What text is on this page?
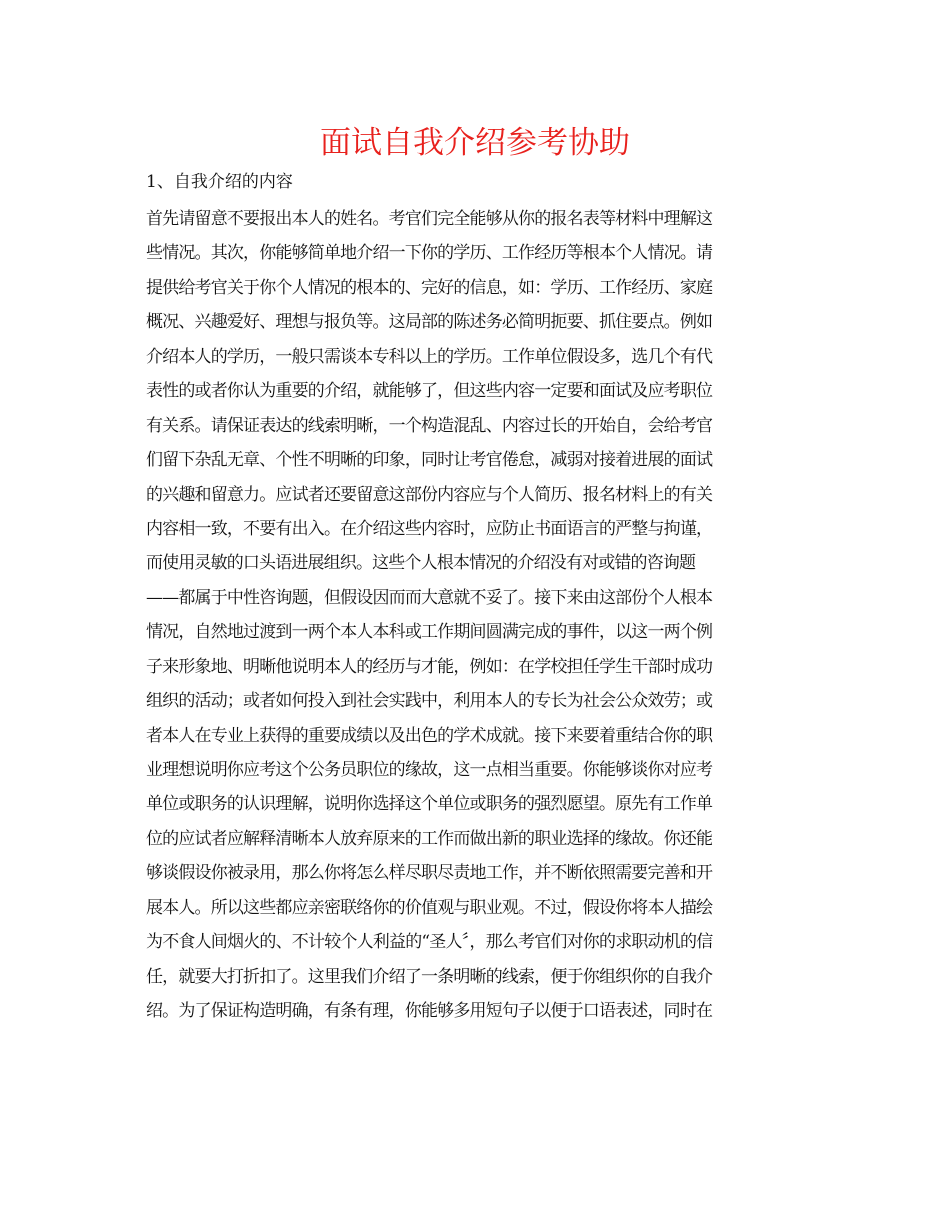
面试自我介绍参考协助

1、自我介绍的内容

首先请留意不要报出本人的姓名。考官们完全能够从你的报名表等材料中理解这
些情况。其次，你能够简单地介绍一下你的学历、工作经历等根本个人情况。请
提供给考官关于你个人情况的根本的、完好的信息，如：学历、工作经历、家庭
概况、兴趣爱好、理想与报负等。这局部的陈述务必简明扼要、抓住要点。例如
介绍本人的学历，一般只需谈本专科以上的学历。工作单位假设多，选几个有代
表性的或者你认为重要的介绍，就能够了，但这些内容一定要和面试及应考职位
有关系。请保证表达的线索明晰，一个构造混乱、内容过长的开始自，会给考官
们留下杂乱无章、个性不明晰的印象，同时让考官倦怠，减弱对接着进展的面试
的兴趣和留意力。应试者还要留意这部份内容应与个人简历、报名材料上的有关
内容相一致，不要有出入。在介绍这些内容时，应防止书面语言的严整与拘谨，
而使用灵敏的口头语进展组织。这些个人根本情况的介绍没有对或错的咨询题
——都属于中性咨询题，但假设因而而大意就不妥了。接下来由这部份个人根本
情况，自然地过渡到一两个本人本科或工作期间圆满完成的事件，以这一两个例
子来形象地、明晰他说明本人的经历与才能，例如：在学校担任学生干部时成功
组织的活动；或者如何投入到社会实践中，利用本人的专长为社会公众效劳；或
者本人在专业上获得的重要成绩以及出色的学术成就。接下来要着重结合你的职
业理想说明你应考这个公务员职位的缘故，这一点相当重要。你能够谈你对应考
单位或职务的认识理解，说明你选择这个单位或职务的强烈愿望。原先有工作单
位的应试者应解释清晰本人放弃原来的工作而做出新的职业选择的缘故。你还能
够谈假设你被录用，那么你将怎么样尽职尽责地工作，并不断依照需要完善和开
展本人。所以这些都应亲密联络你的价值观与职业观。不过，假设你将本人描绘
为不食人间烟火的、不计较个人利益的“圣人〞，那么考官们对你的求职动机的信
任，就要大打折扣了。这里我们介绍了一条明晰的线索，便于你组织你的自我介
绍。为了保证构造明确，有条有理，你能够多用短句子以便于口语表述，同时在
